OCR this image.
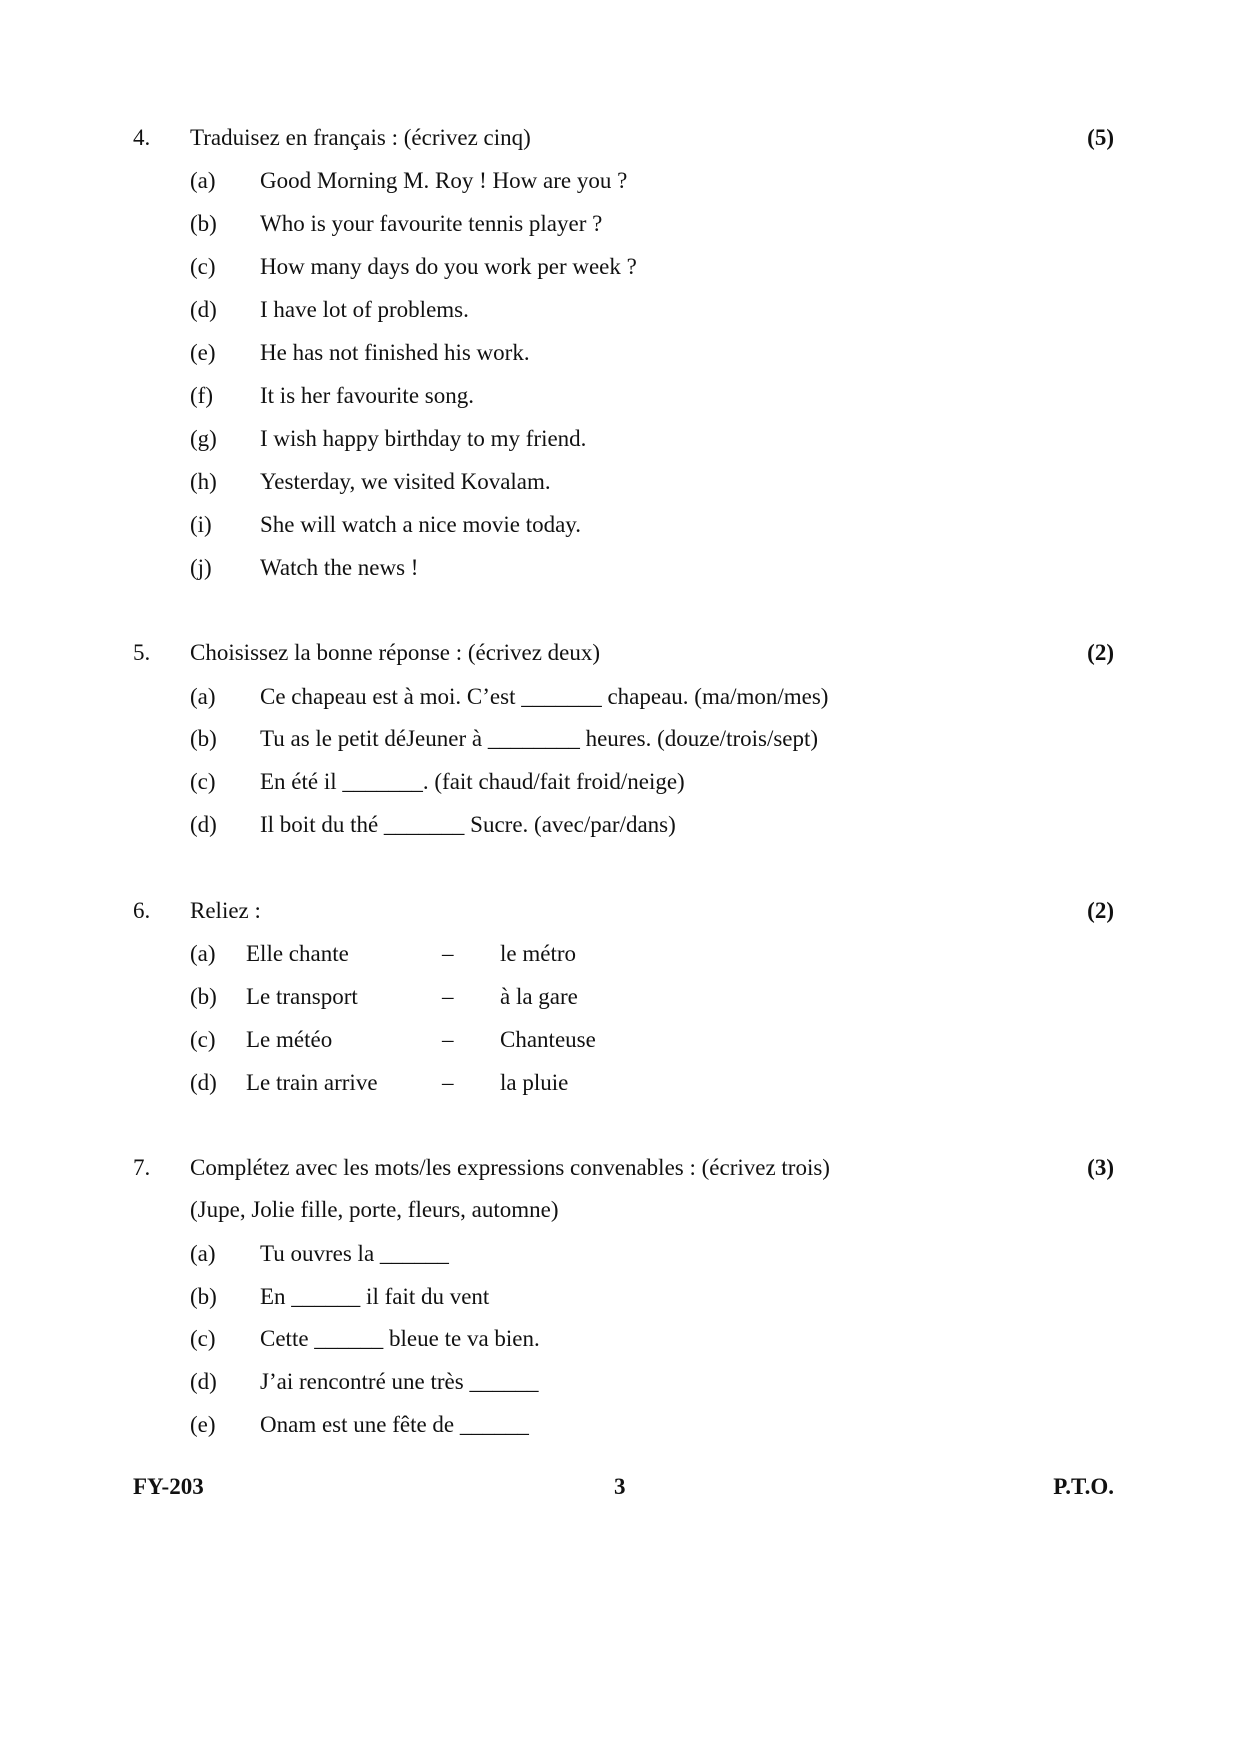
4. Traduisez en français : (écrivez cinq)	(5)
(a) Good Morning M. Roy ! How are you ?
(b) Who is your favourite tennis player ?
(c) How many days do you work per week ?
(d) I have lot of problems.
(e) He has not finished his work.
(f) It is her favourite song.
(g) I wish happy birthday to my friend.
(h) Yesterday, we visited Kovalam.
(i) She will watch a nice movie today.
(j) Watch the news !
5. Choisissez la bonne réponse : (écrivez deux)	(2)
(a) Ce chapeau est à moi. C’est _______ chapeau. (ma/mon/mes)
(b) Tu as le petit déJeuner à ________ heures. (douze/trois/sept)
(c) En été il _______. (fait chaud/fait froid/neige)
(d) Il boit du thé _______ Sucre. (avec/par/dans)
6. Reliez :	(2)
(a) Elle chante	– le métro
(b) Le transport	– à la gare
(c) Le météo	– Chanteuse
(d) Le train arrive	– la pluie
7. Complétez avec les mots/les expressions convenables : (écrivez trois)	(3)
(Jupe, Jolie fille, porte, fleurs, automne)
(a) Tu ouvres la ______
(b) En ______ il fait du vent
(c) Cette ______ bleue te va bien.
(d) J’ai rencontré une très ______
(e) Onam est une fête de ______
FY-203	3	P.T.O.
